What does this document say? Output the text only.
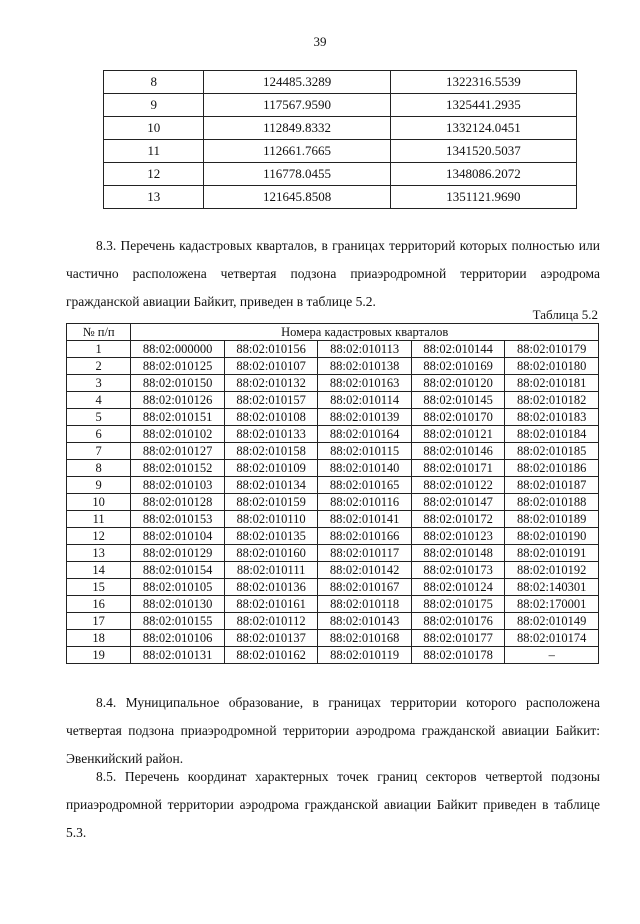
39
8	124485.3289	1322316.5539
9	117567.9590	1325441.2935
10	112849.8332	1332124.0451
11	112661.7665	1341520.5037
12	116778.0455	1348086.2072
13	121645.8508	1351121.9690

8.3. Перечень кадастровых кварталов, в границах территорий которых полностью или частично расположена четвертая подзона приаэродромной территории аэродрома гражданской авиации Байкит, приведен в таблице 5.2.

Таблица 5.2
№ п/п	Номера кадастровых кварталов				
1	88:02:000000	88:02:010156	88:02:010113	88:02:010144	88:02:010179
2	88:02:010125	88:02:010107	88:02:010138	88:02:010169	88:02:010180
3	88:02:010150	88:02:010132	88:02:010163	88:02:010120	88:02:010181
4	88:02:010126	88:02:010157	88:02:010114	88:02:010145	88:02:010182
5	88:02:010151	88:02:010108	88:02:010139	88:02:010170	88:02:010183
6	88:02:010102	88:02:010133	88:02:010164	88:02:010121	88:02:010184
7	88:02:010127	88:02:010158	88:02:010115	88:02:010146	88:02:010185
8	88:02:010152	88:02:010109	88:02:010140	88:02:010171	88:02:010186
9	88:02:010103	88:02:010134	88:02:010165	88:02:010122	88:02:010187
10	88:02:010128	88:02:010159	88:02:010116	88:02:010147	88:02:010188
11	88:02:010153	88:02:010110	88:02:010141	88:02:010172	88:02:010189
12	88:02:010104	88:02:010135	88:02:010166	88:02:010123	88:02:010190
13	88:02:010129	88:02:010160	88:02:010117	88:02:010148	88:02:010191
14	88:02:010154	88:02:010111	88:02:010142	88:02:010173	88:02:010192
15	88:02:010105	88:02:010136	88:02:010167	88:02:010124	88:02:140301
16	88:02:010130	88:02:010161	88:02:010118	88:02:010175	88:02:170001
17	88:02:010155	88:02:010112	88:02:010143	88:02:010176	88:02:010149
18	88:02:010106	88:02:010137	88:02:010168	88:02:010177	88:02:010174
19	88:02:010131	88:02:010162	88:02:010119	88:02:010178	–

8.4. Муниципальное образование, в границах территории которого расположена четвертая подзона приаэродромной территории аэродрома гражданской авиации Байкит: Эвенкийский район.

8.5. Перечень координат характерных точек границ секторов четвертой подзоны приаэродромной территории аэродрома гражданской авиации Байкит приведен в таблице 5.3.
